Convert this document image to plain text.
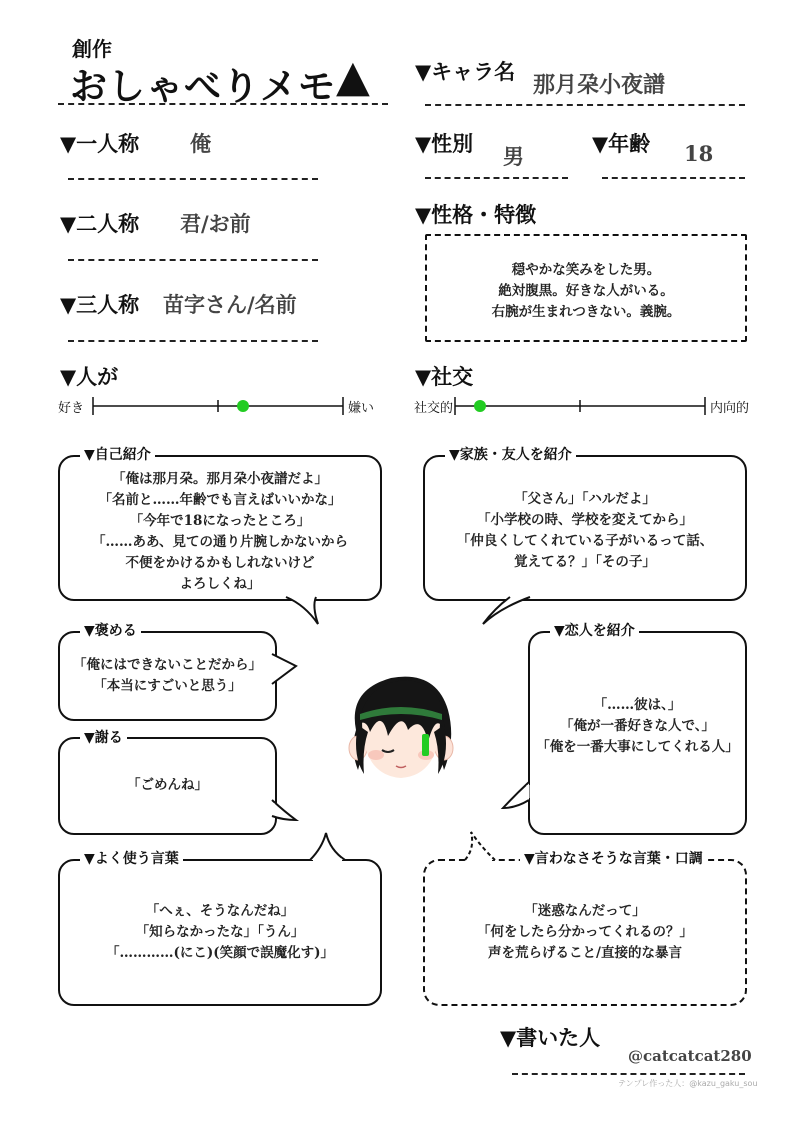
創作
おしゃべりメモ ▲ ▼キャラ名 那月朶小夜譜
▼一人称 俺
▼二人称 君/お前
▼三人称 苗字さん/名前
▼性別 男	▼年齢 18
▼性格・特徴
穏やかな笑みをした男。
絶対腹黒。好きな人がいる。
右腕が生まれつきない。義腕。
▼人が
好き	嫌い
▼社交
社交的	内向的
「俺は那月朶。那月朶小夜譜だよ」
「名前と……年齢でも言えばいいかな」
「今年で18になったところ」
「……ああ、見ての通り片腕しかないから
不便をかけるかもしれないけど
よろしくね」
▼自己紹介
「父さん」「ハルだよ」
「小学校の時、学校を変えてから」
「仲良くしてくれている子がいるって話、
覚えてる？」「その子」
▼家族・友人を紹介
「俺にはできないことだから」
「本当にすごいと思う」
▼褒める
「……彼は、」
「俺が一番好きな人で、」
「俺を一番大事にしてくれる人」
▼恋人を紹介
「ごめんね」
▼謝る
「へぇ、そうなんだね」
「知らなかったな」「うん」
「…………(にこ)(笑顔で誤魔化す)」
▼よく使う言葉
「迷惑なんだって」
「何をしたら分かってくれるの？」
声を荒らげること/直接的な暴言
▼言わなさそうな言葉・口調
▼書いた人
@catcatcat280
テンプレ作った人：@kazu_gaku_sou
